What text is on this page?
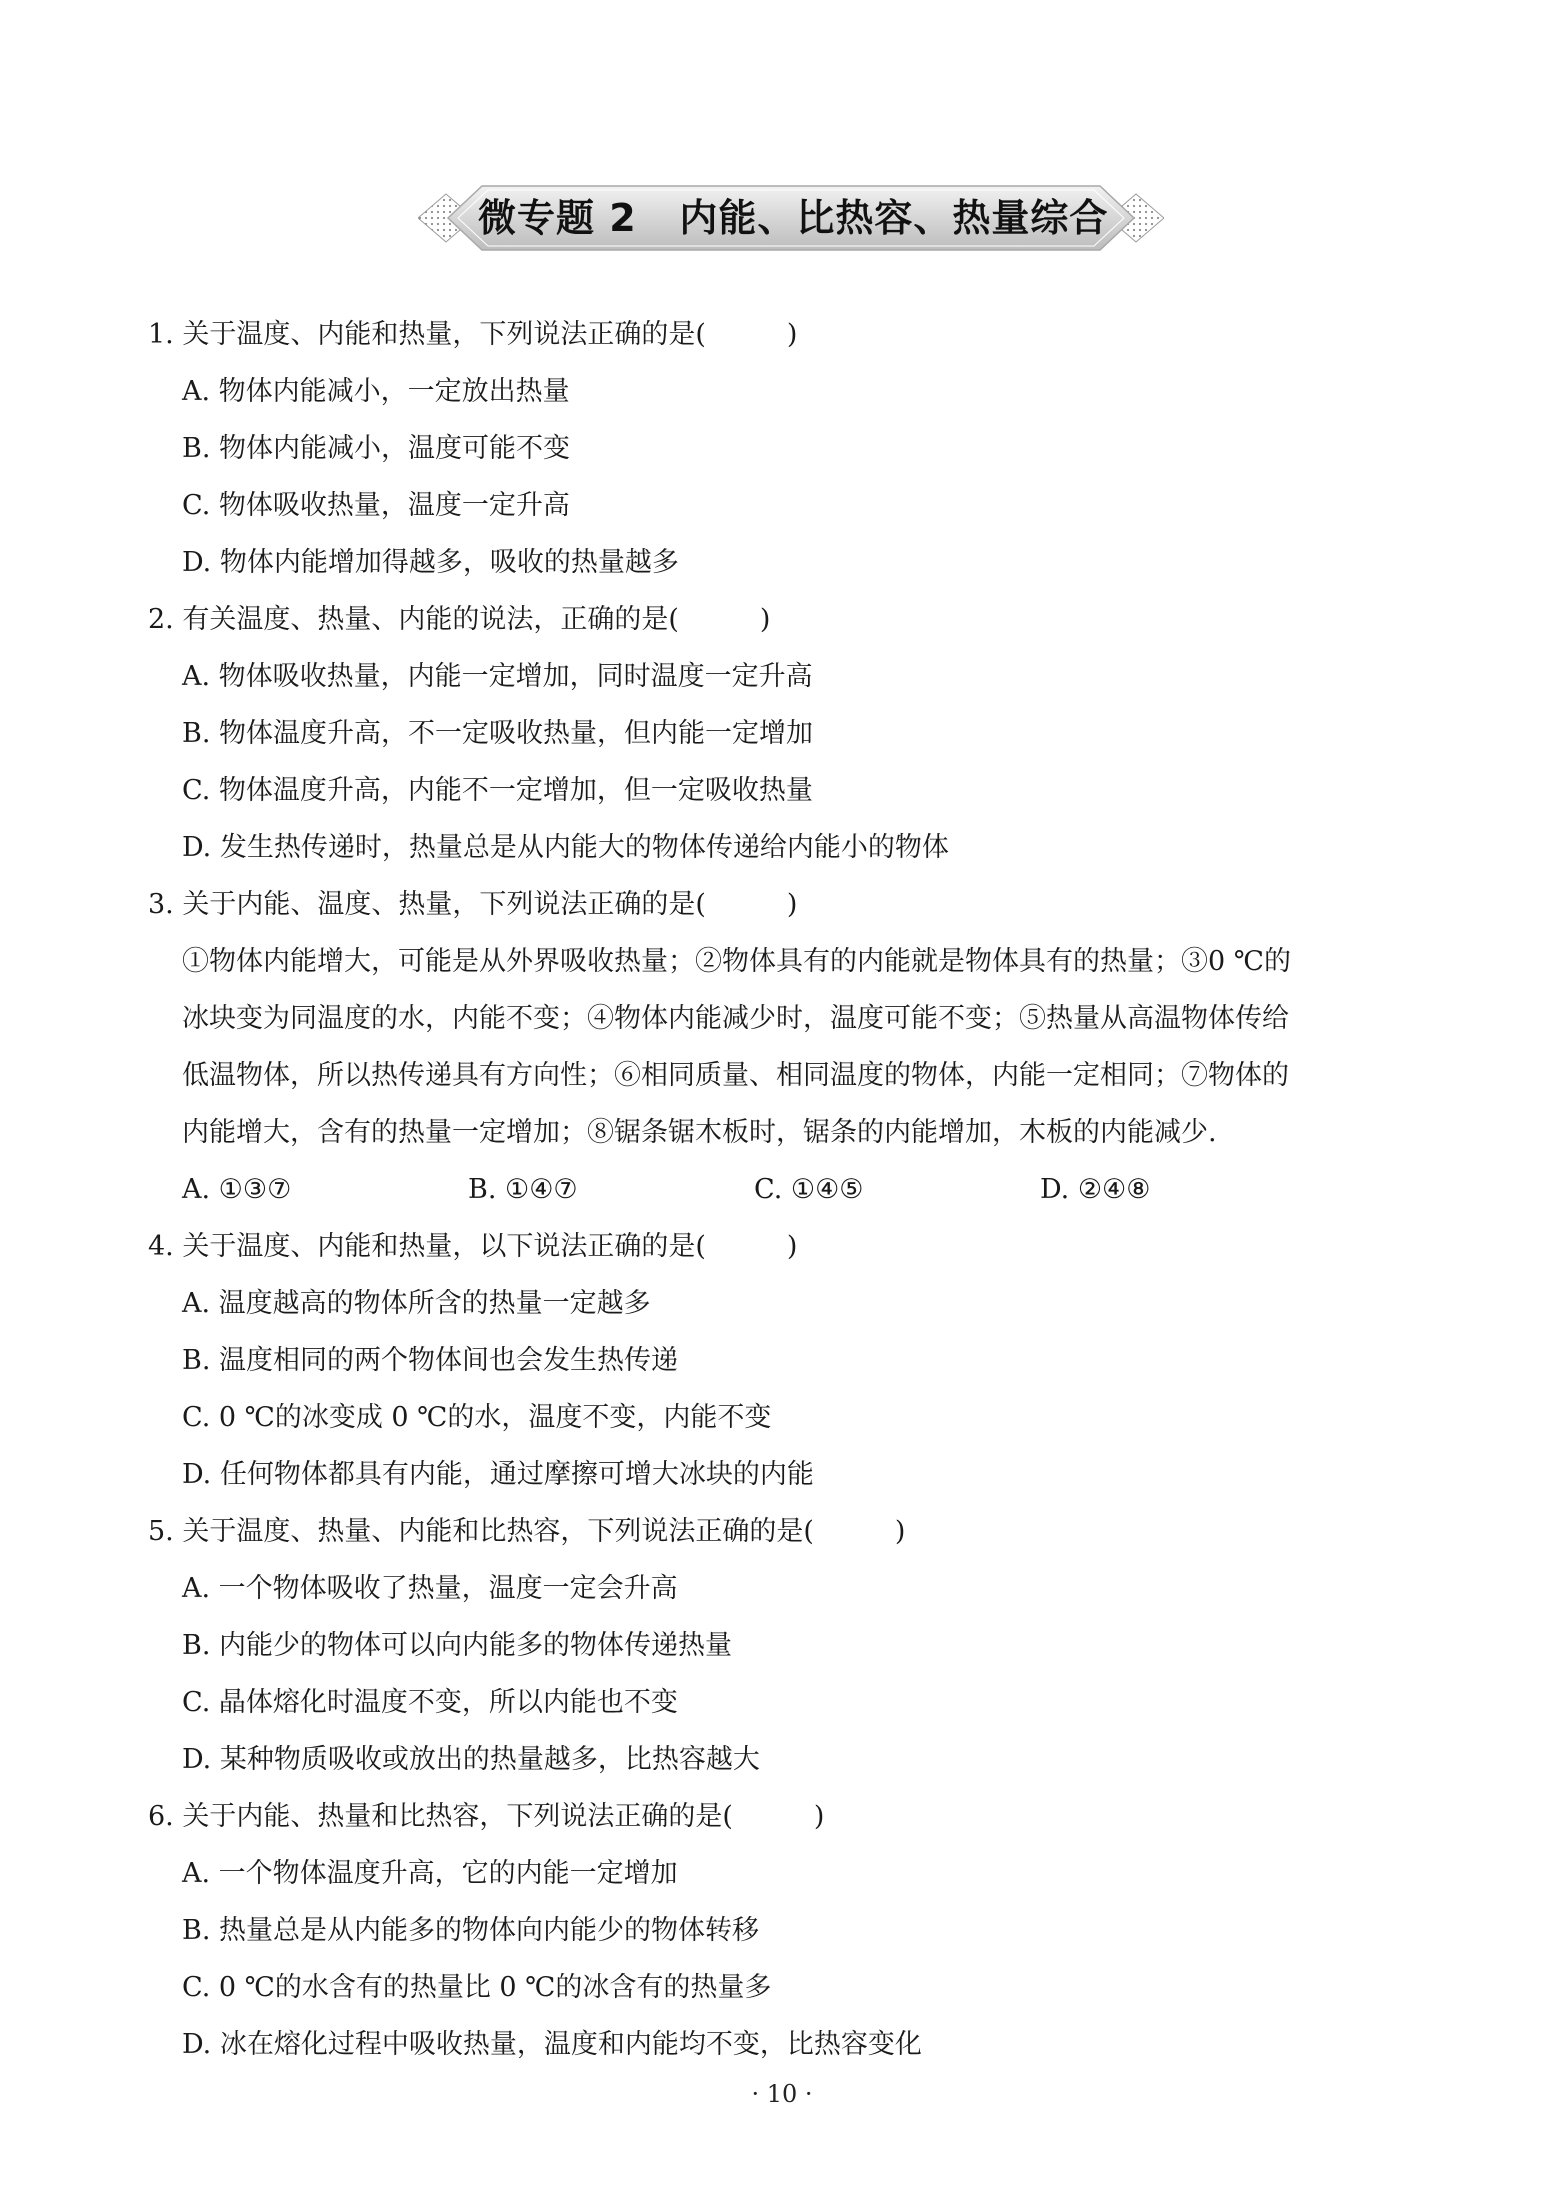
微专题 2   内能、比热容、热量综合
1. 关于温度、内能和热量，下列说法正确的是(　　　)
A. 物体内能减小，一定放出热量
B. 物体内能减小，温度可能不变
C. 物体吸收热量，温度一定升高
D. 物体内能增加得越多，吸收的热量越多
2. 有关温度、热量、内能的说法，正确的是(　　　)
A. 物体吸收热量，内能一定增加，同时温度一定升高
B. 物体温度升高，不一定吸收热量，但内能一定增加
C. 物体温度升高，内能不一定增加，但一定吸收热量
D. 发生热传递时，热量总是从内能大的物体传递给内能小的物体
3. 关于内能、温度、热量，下列说法正确的是(　　　)
①物体内能增大，可能是从外界吸收热量；②物体具有的内能就是物体具有的热量；③0 ℃的
冰块变为同温度的水，内能不变；④物体内能减少时，温度可能不变；⑤热量从高温物体传给
低温物体，所以热传递具有方向性；⑥相同质量、相同温度的物体，内能一定相同；⑦物体的
内能增大，含有的热量一定增加；⑧锯条锯木板时，锯条的内能增加，木板的内能减少.
A. ①③⑦	B. ①④⑦	C. ①④⑤	D. ②④⑧
4. 关于温度、内能和热量，以下说法正确的是(　　　)
A. 温度越高的物体所含的热量一定越多
B. 温度相同的两个物体间也会发生热传递
C. 0 ℃的冰变成 0 ℃的水，温度不变，内能不变
D. 任何物体都具有内能，通过摩擦可增大冰块的内能
5. 关于温度、热量、内能和比热容，下列说法正确的是(　　　)
A. 一个物体吸收了热量，温度一定会升高
B. 内能少的物体可以向内能多的物体传递热量
C. 晶体熔化时温度不变，所以内能也不变
D. 某种物质吸收或放出的热量越多，比热容越大
6. 关于内能、热量和比热容，下列说法正确的是(　　　)
A. 一个物体温度升高，它的内能一定增加
B. 热量总是从内能多的物体向内能少的物体转移
C. 0 ℃的水含有的热量比 0 ℃的冰含有的热量多
D. 冰在熔化过程中吸收热量，温度和内能均不变，比热容变化
· 10 ·
